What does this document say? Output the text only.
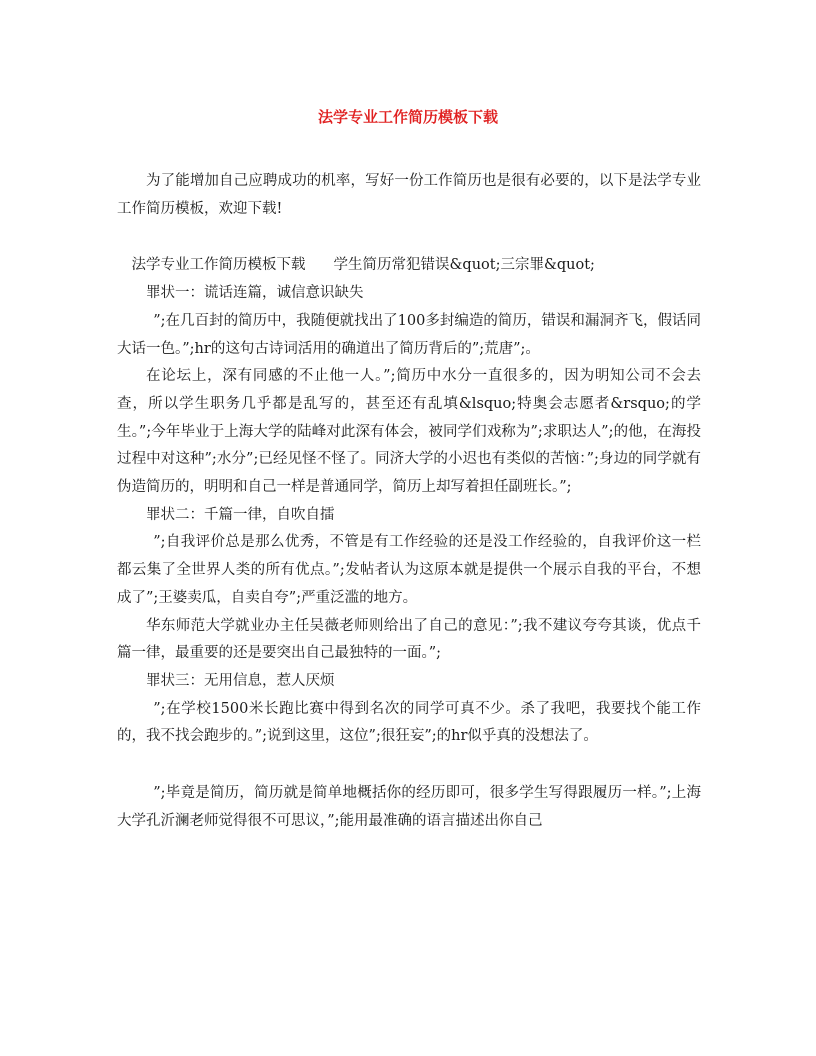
法学专业工作简历模板下载

为了能增加自己应聘成功的机率，写好一份工作简历也是很有必要的，以下是法学专业工作简历模板，欢迎下载!

法学专业工作简历模板下载 学生简历常犯错误&quot;三宗罪&quot;

罪状一：谎话连篇，诚信意识缺失

”;在几百封的简历中，我随便就找出了100多封编造的简历，错误和漏洞齐飞，假话同大话一色。”;hr的这句古诗词活用的确道出了简历背后的”;荒唐”;。

在论坛上，深有同感的不止他一人。”;简历中水分一直很多的，因为明知公司不会去查，所以学生职务几乎都是乱写的，甚至还有乱填&lsquo;特奥会志愿者&rsquo;的学生。”;今年毕业于上海大学的陆峰对此深有体会，被同学们戏称为”;求职达人”;的他，在海投过程中对这种”;水分”;已经见怪不怪了。同济大学的小迟也有类似的苦恼：”;身边的同学就有伪造简历的，明明和自己一样是普通同学，简历上却写着担任副班长。”;

罪状二：千篇一律，自吹自擂

”;自我评价总是那么优秀，不管是有工作经验的还是没工作经验的，自我评价这一栏都云集了全世界人类的所有优点。”;发帖者认为这原本就是提供一个展示自我的平台，不想成了”;王婆卖瓜，自卖自夸”;严重泛滥的地方。

华东师范大学就业办主任吴薇老师则给出了自己的意见：”;我不建议夸夸其谈，优点千篇一律，最重要的还是要突出自己最独特的一面。”;

罪状三：无用信息，惹人厌烦

”;在学校1500米长跑比赛中得到名次的同学可真不少。杀了我吧，我要找个能工作的，我不找会跑步的。”;说到这里，这位”;很狂妄”;的hr似乎真的没想法了。

”;毕竟是简历，简历就是简单地概括你的经历即可，很多学生写得跟履历一样。”;上海大学孔沂澜老师觉得很不可思议，”;能用最准确的语言描述出你自己
